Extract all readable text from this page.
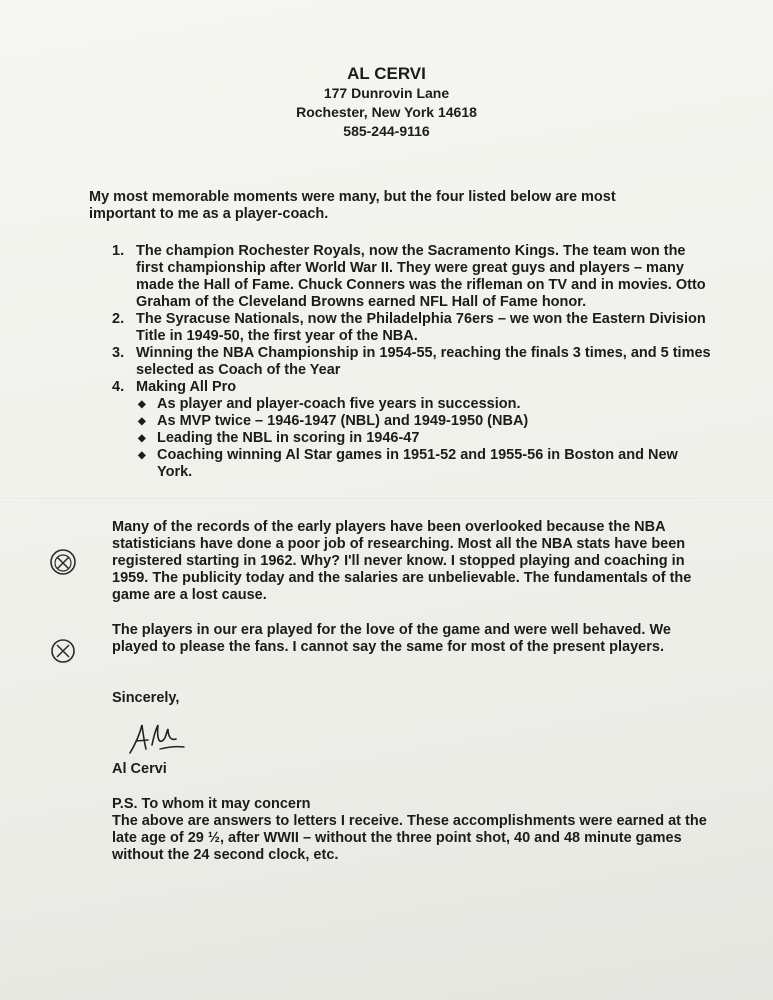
AL CERVI
177 Dunrovin Lane
Rochester, New York 14618
585-244-9116
My most memorable moments were many, but the four listed below are most important to me as a player-coach.
1. The champion Rochester Royals, now the Sacramento Kings. The team won the first championship after World War II. They were great guys and players – many made the Hall of Fame. Chuck Conners was the rifleman on TV and in movies. Otto Graham of the Cleveland Browns earned NFL Hall of Fame honor.
2. The Syracuse Nationals, now the Philadelphia 76ers – we won the Eastern Division Title in 1949-50, the first year of the NBA.
3. Winning the NBA Championship in 1954-55, reaching the finals 3 times, and 5 times selected as Coach of the Year
4. Making All Pro
◆ As player and player-coach five years in succession.
◆ As MVP twice – 1946-1947 (NBL) and 1949-1950 (NBA)
◆ Leading the NBL in scoring in 1946-47
◆ Coaching winning Al Star games in 1951-52 and 1955-56 in Boston and New York.
Many of the records of the early players have been overlooked because the NBA statisticians have done a poor job of researching. Most all the NBA stats have been registered starting in 1962. Why? I'll never know. I stopped playing and coaching in 1959. The publicity today and the salaries are unbelievable. The fundamentals of the game are a lost cause.
The players in our era played for the love of the game and were well behaved. We played to please the fans. I cannot say the same for most of the present players.
Sincerely,
Al Cervi
P.S. To whom it may concern
The above are answers to letters I receive. These accomplishments were earned at the late age of 29 ½, after WWII – without the three point shot, 40 and 48 minute games without the 24 second clock, etc.
